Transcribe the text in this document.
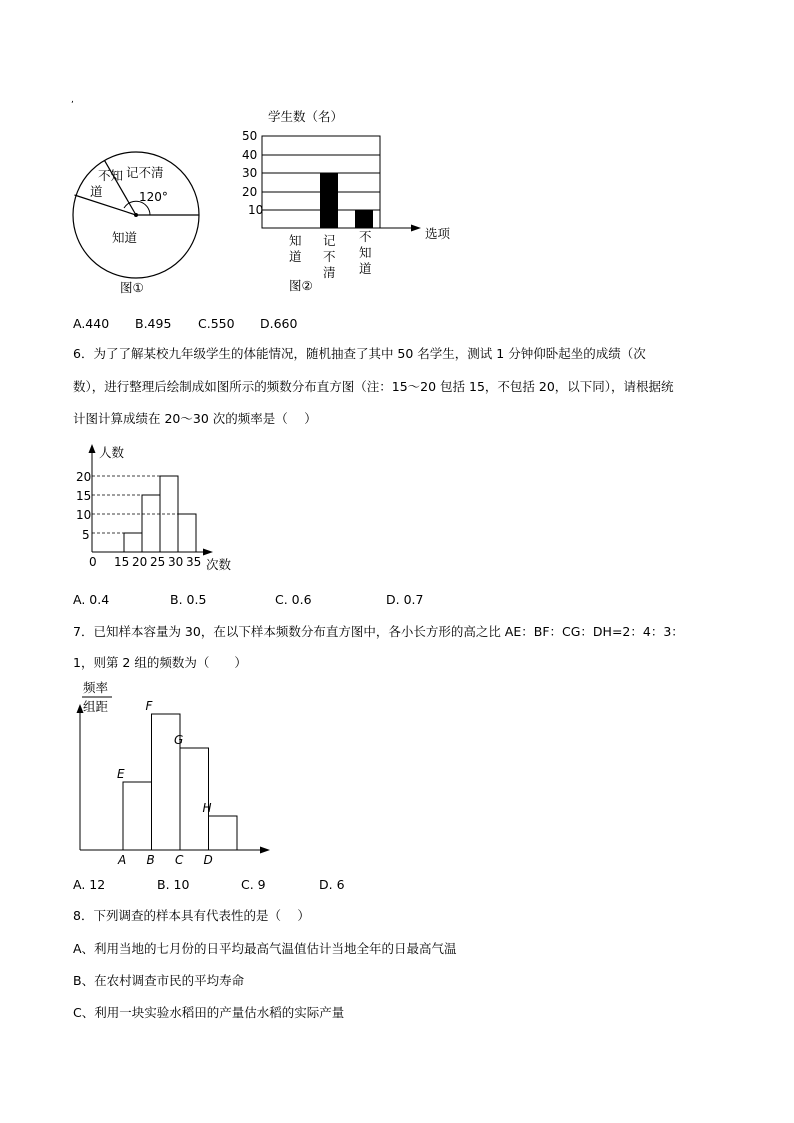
,
不知
道
记不清
120°
知道
图①
学生数（名）
50
40
30
20
10
选项
知
道
记
不
清
不
知
道
图②
A.440 B.495 C.550 D.660
6．为了了解某校九年级学生的体能情况，随机抽查了其中 50 名学生，测试 1 分钟仰卧起坐的成绩（次
数），进行整理后绘制成如图所示的频数分布直方图（注：15～20 包括 15，不包括 20，以下同），请根据统
计图计算成绩在 20～30 次的频率是（　 ）
人数
20
15
10
5
0 15 20 25 30 35 次数
A. 0.4	B. 0.5	C. 0.6	D. 0.7
7．已知样本容量为 30，在以下样本频数分布直方图中，各小长方形的高之比 AE：BF：CG：DH=2：4：3：
1，则第 2 组的频数为（　　）
频率
组距
E
F
G
H
A B C D
A. 12	B. 10	C. 9	D. 6
8．下列调查的样本具有代表性的是（　 ）
A、利用当地的七月份的日平均最高气温值估计当地全年的日最高气温
B、在农村调查市民的平均寿命
C、利用一块实验水稻田的产量估水稻的实际产量
